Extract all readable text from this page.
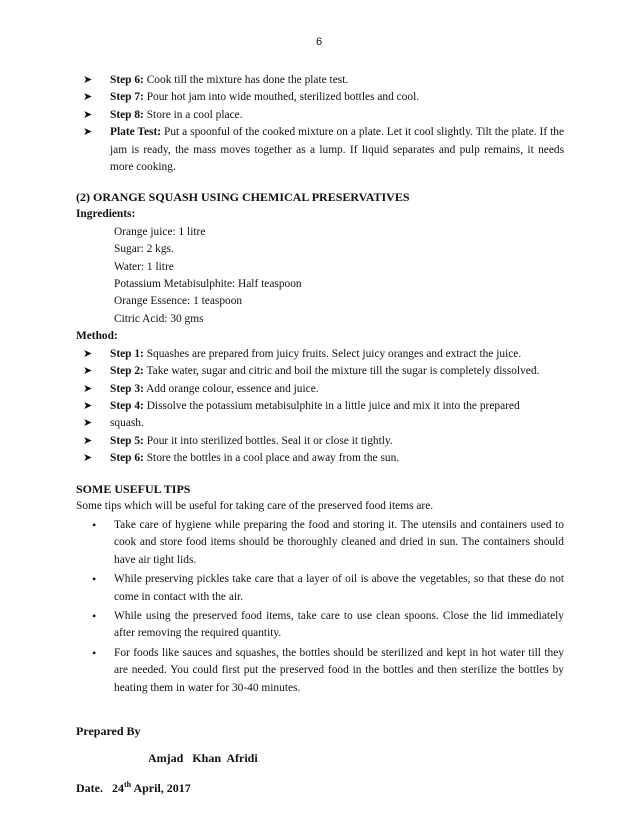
6
➤ Step 6: Cook till the mixture has done the plate test.
➤ Step 7: Pour hot jam into wide mouthed, sterilized bottles and cool.
➤ Step 8: Store in a cool place.
➤ Plate Test: Put a spoonful of the cooked mixture on a plate. Let it cool slightly. Tilt the plate. If the jam is ready, the mass moves together as a lump. If liquid separates and pulp remains, it needs more cooking.
(2) ORANGE SQUASH USING CHEMICAL PRESERVATIVES
Ingredients:
Orange juice: 1 litre
Sugar: 2 kgs.
Water: 1 litre
Potassium Metabisulphite: Half teaspoon
Orange Essence: 1 teaspoon
Citric Acid: 30 gms
Method:
➤ Step 1: Squashes are prepared from juicy fruits. Select juicy oranges and extract the juice.
➤ Step 2: Take water, sugar and citric and boil the mixture till the sugar is completely dissolved.
➤ Step 3: Add orange colour, essence and juice.
➤ Step 4: Dissolve the potassium metabisulphite in a little juice and mix it into the prepared
➤ squash.
➤ Step 5: Pour it into sterilized bottles. Seal it or close it tightly.
➤ Step 6: Store the bottles in a cool place and away from the sun.
SOME USEFUL TIPS
Some tips which will be useful for taking care of the preserved food items are.
• Take care of hygiene while preparing the food and storing it. The utensils and containers used to cook and store food items should be thoroughly cleaned and dried in sun. The containers should have air tight lids.
• While preserving pickles take care that a layer of oil is above the vegetables, so that these do not come in contact with the air.
• While using the preserved food items, take care to use clean spoons. Close the lid immediately after removing the required quantity.
• For foods like sauces and squashes, the bottles should be sterilized and kept in hot water till they are needed. You could first put the preserved food in the bottles and then sterilize the bottles by heating them in water for 30-40 minutes.
Prepared By
Amjad   Khan  Afridi
Date. 24th April, 2017
